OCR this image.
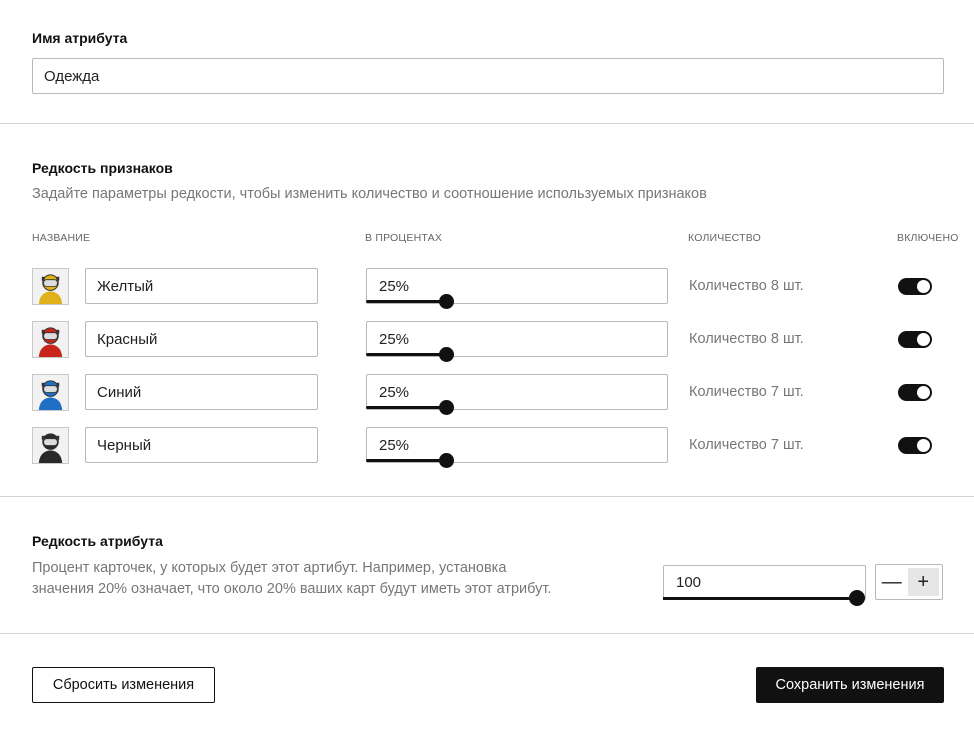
Имя атрибута
Одежда
Редкость признаков
Задайте параметры редкости, чтобы изменить количество и соотношение используемых признаков
НАЗВАНИЕ	В ПРОЦЕНТАХ	КОЛИЧЕСТВО	ВКЛЮЧЕНО
Желтый	25%	Количество 8 шт.
Красный	25%	Количество 8 шт.
Синий	25%	Количество 7 шт.
Черный	25%	Количество 7 шт.
Редкость атрибута
Процент карточек, у которых будет этот артибут. Например, установка
значения 20% означает, что около 20% ваших карт будут иметь этот атрибут.	100	— +
Сбросить изменения	Сохранить изменения
